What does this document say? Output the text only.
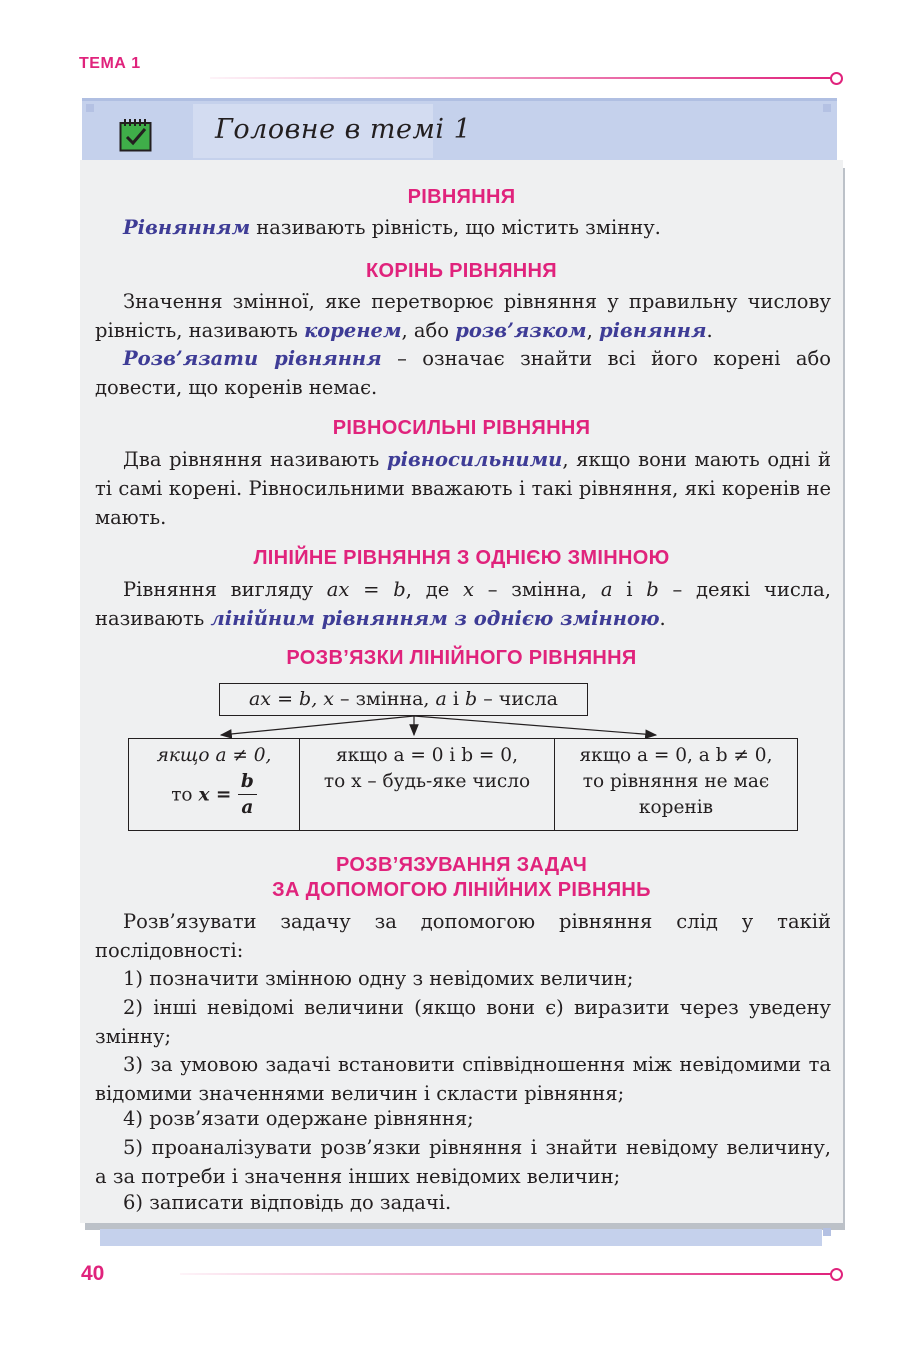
ТЕМА 1
Головне в темі 1
РІВНЯННЯ
Рівнянням називають рівність, що містить змінну.
КОРІНЬ РІВНЯННЯ
Значення змінної, яке перетворює рівняння у правильну числову рівність, називають коренем, або розв’язком, рівняння.
Розв’язати рівняння – означає знайти всі його корені або довести, що коренів немає.
РІВНОСИЛЬНІ РІВНЯННЯ
Два рівняння називають рівносильними, якщо вони мають одні й ті самі корені. Рівносильними вважають і такі рівняння, які коренів не мають.
ЛІНІЙНЕ РІВНЯННЯ З ОДНІЄЮ ЗМІННОЮ
Рівняння вигляду ax = b, де x – змінна, a і b – деякі числа, називають лінійним рівнянням з однією змінною.
РОЗВ’ЯЗКИ ЛІНІЙНОГО РІВНЯННЯ
ax = b, x – змінна, a і b – числа
якщо a ≠ 0,
то $x = \frac{b}{a}$
якщо a = 0 і b = 0,
то x – будь-яке число
якщо a = 0, а b ≠ 0,
то рівняння не має
коренів
РОЗВ’ЯЗУВАННЯ ЗАДАЧ
ЗА ДОПОМОГОЮ ЛІНІЙНИХ РІВНЯНЬ
Розв’язувати задачу за допомогою рівняння слід у такій послідовності:
1) позначити змінною одну з невідомих величин;
2) інші невідомі величини (якщо вони є) виразити через уведену змінну;
3) за умовою задачі встановити співвідношення між невідомими та відомими значеннями величин і скласти рівняння;
4) розв’язати одержане рівняння;
5) проаналізувати розв’язки рівняння і знайти невідому величину, а за потреби і значення інших невідомих величин;
6) записати відповідь до задачі.
40
